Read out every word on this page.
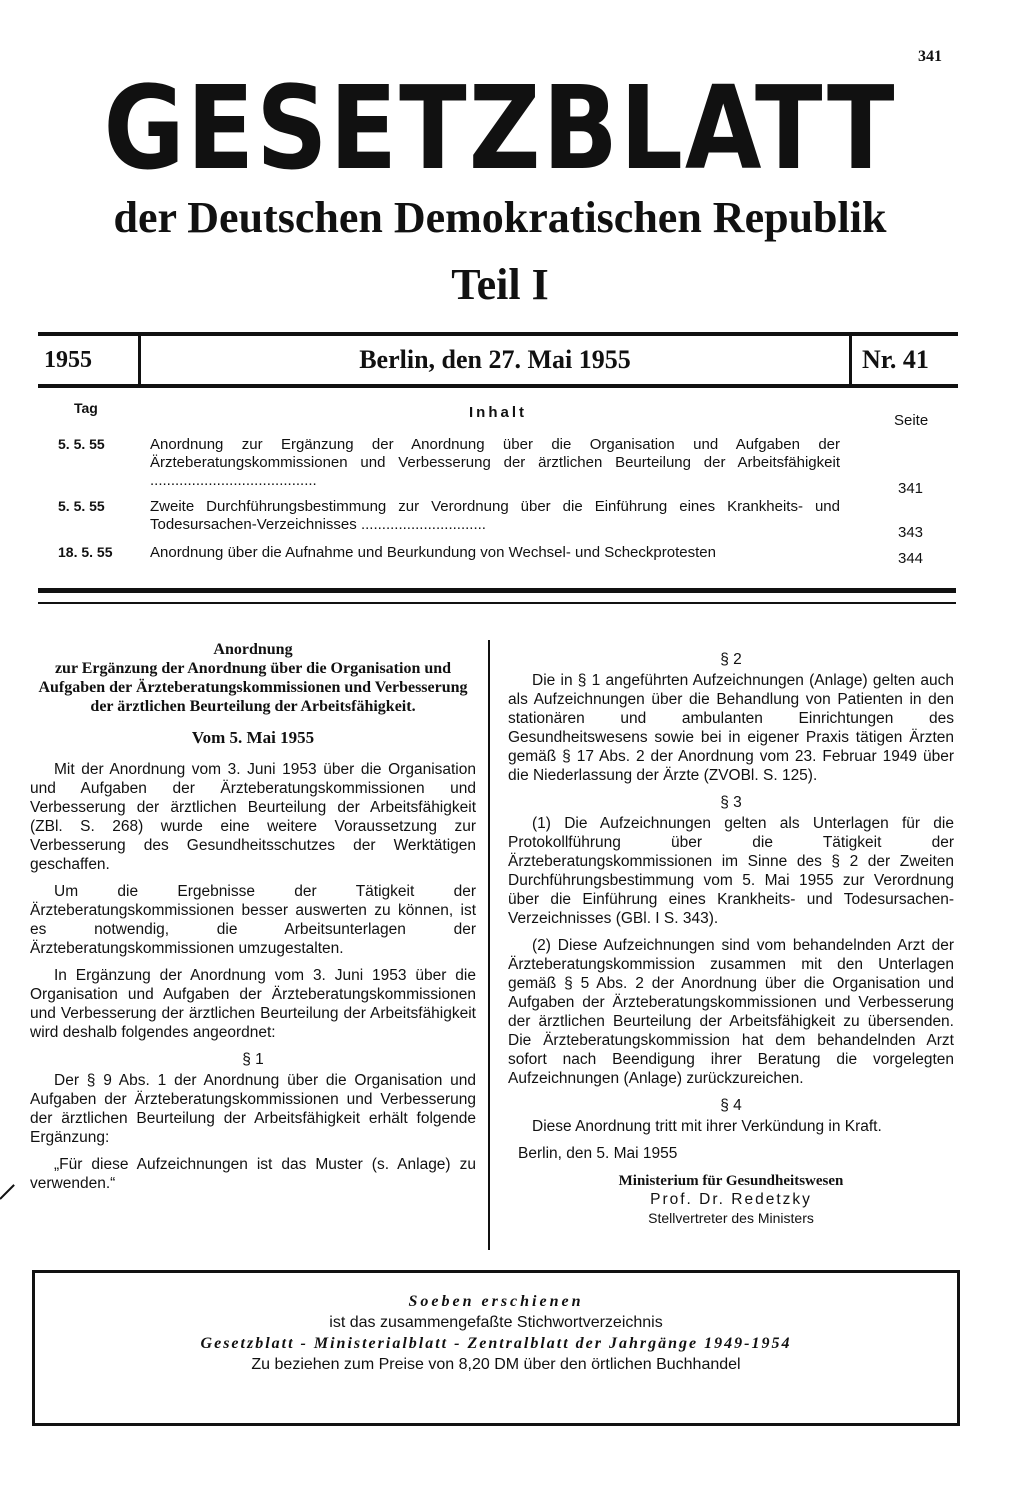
341
GESETZBLATT
der Deutschen Demokratischen Republik
Teil I
1955	Berlin, den 27. Mai 1955	Nr. 41
Tag	Inhalt	Seite
5. 5. 55	Anordnung zur Ergänzung der Anordnung über die Organisation und Aufgaben der Ärzteberatungskommissionen und Verbesserung der ärztlichen Beurteilung der Arbeitsfähigkeit ........................................	341
5. 5. 55	Zweite Durchführungsbestimmung zur Verordnung über die Einführung eines Krankheits- und Todesursachen-Verzeichnisses ..............................	343
18. 5. 55	Anordnung über die Aufnahme und Beurkundung von Wechsel- und Scheckprotesten	344
Anordnung
zur Ergänzung der Anordnung über die Organisation und Aufgaben der Ärzteberatungskommissionen und Verbesserung der ärztlichen Beurteilung der Arbeitsfähigkeit.
Vom 5. Mai 1955

Mit der Anordnung vom 3. Juni 1953 über die Organisation und Aufgaben der Ärzteberatungskommissionen und Verbesserung der ärztlichen Beurteilung der Arbeitsfähigkeit (ZBl. S. 268) wurde eine weitere Voraussetzung zur Verbesserung des Gesundheitsschutzes der Werktätigen geschaffen.

Um die Ergebnisse der Tätigkeit der Ärzteberatungskommissionen besser auswerten zu können, ist es notwendig, die Arbeitsunterlagen der Ärzteberatungskommissionen umzugestalten.

In Ergänzung der Anordnung vom 3. Juni 1953 über die Organisation und Aufgaben der Ärzteberatungskommissionen und Verbesserung der ärztlichen Beurteilung der Arbeitsfähigkeit wird deshalb folgendes angeordnet:

§ 1

Der § 9 Abs. 1 der Anordnung über die Organisation und Aufgaben der Ärzteberatungskommissionen und Verbesserung der ärztlichen Beurteilung der Arbeitsfähigkeit erhält folgende Ergänzung:

„Für diese Aufzeichnungen ist das Muster (s. Anlage) zu verwenden.“

§ 2

Die in § 1 angeführten Aufzeichnungen (Anlage) gelten auch als Aufzeichnungen über die Behandlung von Patienten in den stationären und ambulanten Einrichtungen des Gesundheitswesens sowie bei in eigener Praxis tätigen Ärzten gemäß § 17 Abs. 2 der Anordnung vom 23. Februar 1949 über die Niederlassung der Ärzte (ZVOBl. S. 125).

§ 3

(1) Die Aufzeichnungen gelten als Unterlagen für die Protokollführung über die Tätigkeit der Ärzteberatungskommissionen im Sinne des § 2 der Zweiten Durchführungsbestimmung vom 5. Mai 1955 zur Verordnung über die Einführung eines Krankheits- und Todesursachen-Verzeichnisses (GBl. I S. 343).

(2) Diese Aufzeichnungen sind vom behandelnden Arzt der Ärzteberatungskommission zusammen mit den Unterlagen gemäß § 5 Abs. 2 der Anordnung über die Organisation und Aufgaben der Ärzteberatungskommissionen und Verbesserung der ärztlichen Beurteilung der Arbeitsfähigkeit zu übersenden. Die Ärzteberatungskommission hat dem behandelnden Arzt sofort nach Beendigung ihrer Beratung die vorgelegten Aufzeichnungen (Anlage) zurückzureichen.

§ 4

Diese Anordnung tritt mit ihrer Verkündung in Kraft.

Berlin, den 5. Mai 1955
Ministerium für Gesundheitswesen
Prof. Dr. Redetzky
Stellvertreter des Ministers
Soeben erschienen
ist das zusammengefaßte Stichwortverzeichnis
Gesetzblatt - Ministerialblatt - Zentralblatt der Jahrgänge 1949-1954
Zu beziehen zum Preise von 8,20 DM über den örtlichen Buchhandel
